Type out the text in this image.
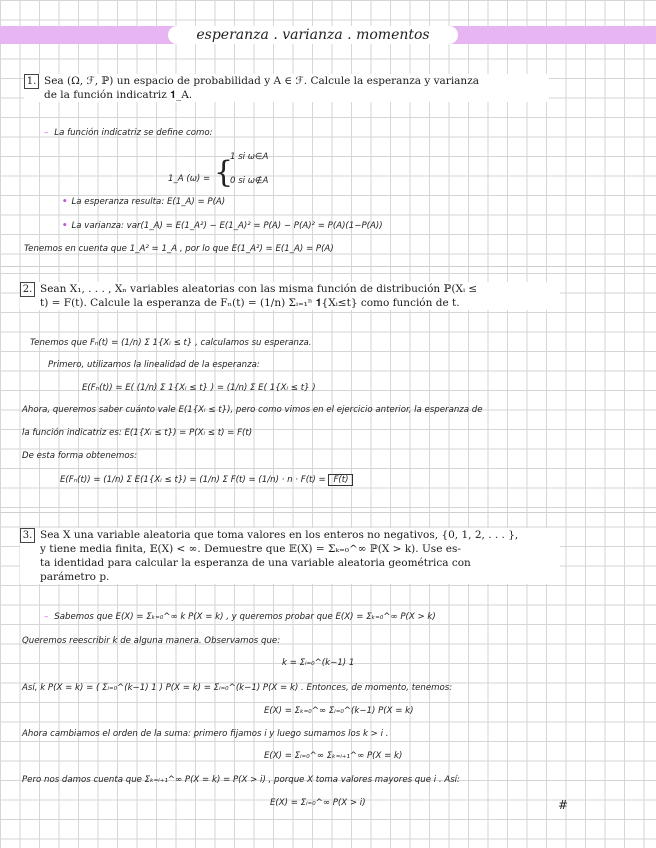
esperanza . varianza . momentos
1. Sea (Ω, ℱ, ℙ) un espacio de probabilidad y A ∈ ℱ. Calcule la esperanza y varianza
de la función indicatriz 𝟏_A.
– La función indicatriz se define como:
1_A (ω) = {
1 si ω∈A
0 si ω∉A
• La esperanza resulta: E(1_A) = P(A)
• La varianza: var(1_A) = E(1_A²) − E(1_A)² = P(A) − P(A)² = P(A)(1−P(A))
Tenemos en cuenta que 1_A² = 1_A , por lo que E(1_A²) = E(1_A) = P(A)
2. Sean X₁, . . . , Xₙ variables aleatorias con las misma función de distribución ℙ(Xᵢ ≤
t) = F(t). Calcule la esperanza de Fₙ(t) = (1/n) Σᵢ₌₁ⁿ 𝟏{Xᵢ≤t} como función de t.
Tenemos que Fₙ(t) = (1/n) Σ 1{Xᵢ ≤ t} , calculamos su esperanza.
Primero, utilizamos la linealidad de la esperanza:
E(Fₙ(t)) = E( (1/n) Σ 1{Xᵢ ≤ t} ) = (1/n) Σ E( 1{Xᵢ ≤ t} )
Ahora, queremos saber cuánto vale E(1{Xᵢ ≤ t}), pero como vimos en el ejercicio anterior, la esperanza de
la función indicatriz es: E(1{Xᵢ ≤ t}) = P(Xᵢ ≤ t) = F(t)
De esta forma obtenemos:
E(Fₙ(t)) = (1/n) Σ E(1{Xᵢ ≤ t}) = (1/n) Σ F(t) = (1/n) · n · F(t) = F(t)
3. Sea X una variable aleatoria que toma valores en los enteros no negativos, {0, 1, 2, . . . },
y tiene media finita, 𝔼(X) < ∞. Demuestre que 𝔼(X) = Σₖ₌₀^∞ ℙ(X > k). Use es-
ta identidad para calcular la esperanza de una variable aleatoria geométrica con
parámetro p.
– Sabemos que E(X) = Σₖ₌₀^∞ k P(X = k) , y queremos probar que E(X) = Σₖ₌₀^∞ P(X > k)
Queremos reescribir k de alguna manera. Observamos que:
k = Σᵢ₌₀^(k−1) 1
Así, k P(X = k) = ( Σᵢ₌₀^(k−1) 1 ) P(X = k) = Σᵢ₌₀^(k−1) P(X = k) . Entonces, de momento, tenemos:
E(X) = Σₖ₌₀^∞ Σᵢ₌₀^(k−1) P(X = k)
Ahora cambiamos el orden de la suma: primero fijamos i y luego sumamos los k > i .
E(X) = Σᵢ₌₀^∞ Σₖ₌ᵢ₊₁^∞ P(X = k)
Pero nos damos cuenta que Σₖ₌ᵢ₊₁^∞ P(X = k) = P(X > i) , porque X toma valores mayores que i . Así:
E(X) = Σᵢ₌₀^∞ P(X > i)	#
